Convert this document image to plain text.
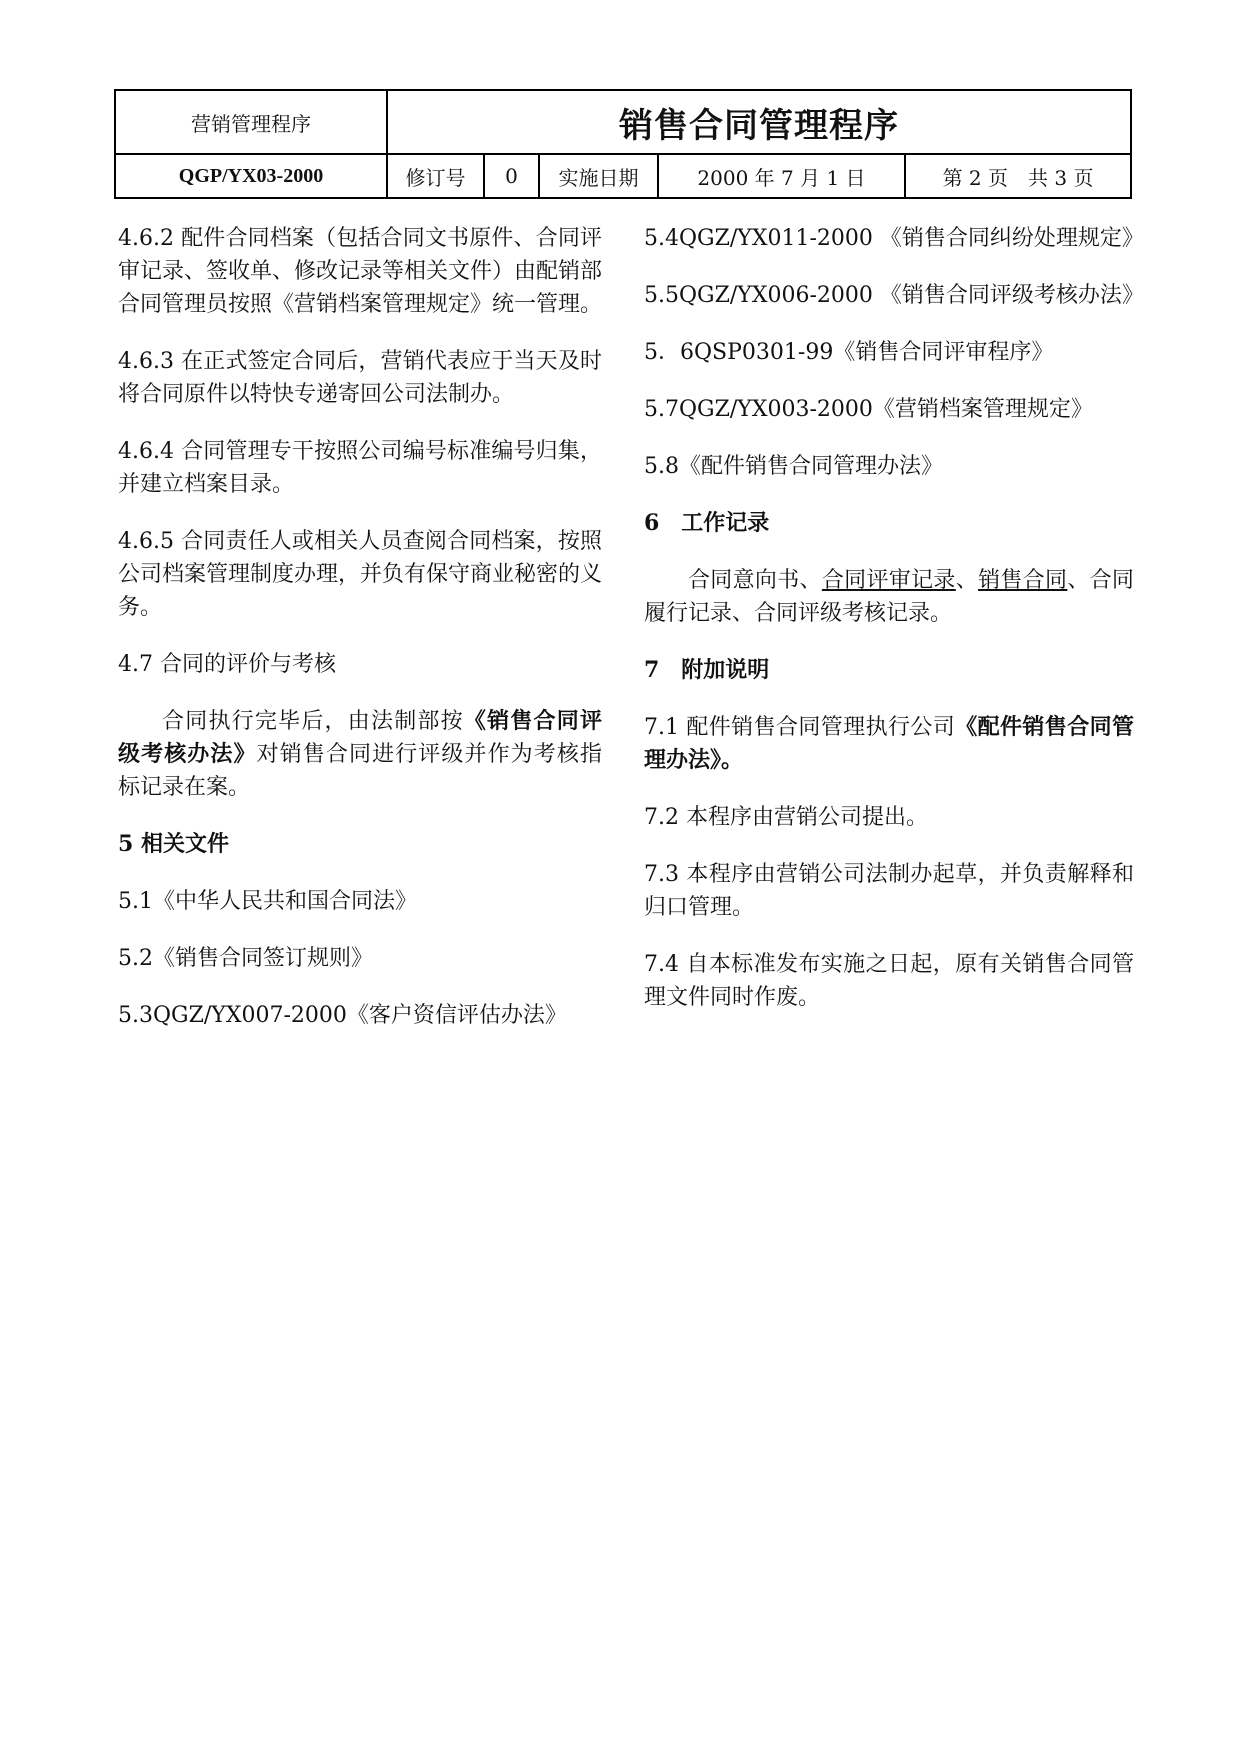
营销管理程序	销售合同管理程序				
QGP/YX03-2000	修订号	0	实施日期	2000 年 7 月 1 日	第 2 页　共 3 页

4.6.2 配件合同档案（包括合同文书原件、合同评审记录、签收单、修改记录等相关文件）由配销部合同管理员按照《营销档案管理规定》统一管理。

4.6.3 在正式签定合同后，营销代表应于当天及时将合同原件以特快专递寄回公司法制办。

4.6.4 合同管理专干按照公司编号标准编号归集，并建立档案目录。

4.6.5 合同责任人或相关人员查阅合同档案，按照公司档案管理制度办理，并负有保守商业秘密的义务。

4.7 合同的评价与考核

合同执行完毕后，由法制部按《销售合同评级考核办法》对销售合同进行评级并作为考核指标记录在案。

5 相关文件

5.1《中华人民共和国合同法》

5.2《销售合同签订规则》

5.3QGZ/YX007-2000《客户资信评估办法》

5.4QGZ/YX011-2000 《销售合同纠纷处理规定》

5.5QGZ/YX006-2000 《销售合同评级考核办法》

5．6QSP0301-99《销售合同评审程序》

5.7QGZ/YX003-2000《营销档案管理规定》

5.8《配件销售合同管理办法》

6　工作记录

合同意向书、合同评审记录、销售合同、合同履行记录、合同评级考核记录。

7　附加说明

7.1 配件销售合同管理执行公司《配件销售合同管理办法》。

7.2 本程序由营销公司提出。

7.3 本程序由营销公司法制办起草，并负责解释和归口管理。

7.4 自本标准发布实施之日起，原有关销售合同管理文件同时作废。
